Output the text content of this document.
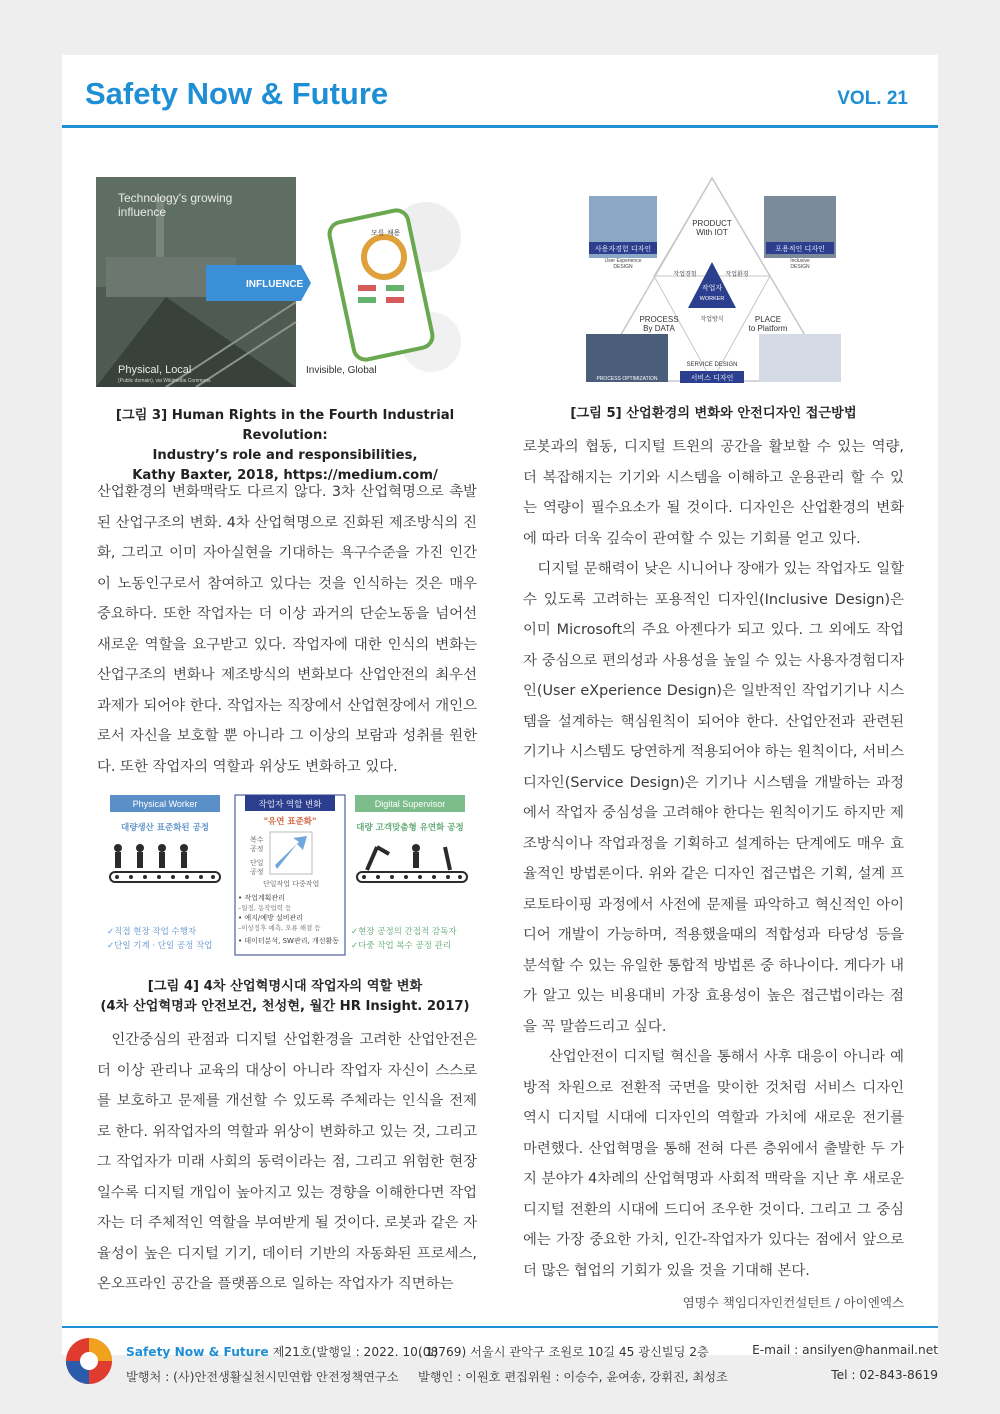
Safety Now & Future	VOL. 21
Technology's growing
influence
INFLUENCE
Physical, Local
(Public domain), via Wikimedia Commons
Invisible, Global
모를 채용
[그림 3] Human Rights in the Fourth Industrial Revolution:
Industry’s role and responsibilities,
Kathy Baxter, 2018, https://medium.com/

산업환경의 변화맥락도 다르지 않다. 3차 산업혁명으로 촉발된 산업구조의 변화. 4차 산업혁명으로 진화된 제조방식의 진화, 그리고 이미 자아실현을 기대하는 욕구수준을 가진 인간이 노동인구로서 참여하고 있다는 것을 인식하는 것은 매우 중요하다. 또한 작업자는 더 이상 과거의 단순노동을 넘어선 새로운 역할을 요구받고 있다. 작업자에 대한 인식의 변화는 산업구조의 변화나 제조방식의 변화보다 산업안전의 최우선과제가 되어야 한다. 작업자는 직장에서 산업현장에서 개인으로서 자신을 보호할 뿐 아니라 그 이상의 보람과 성취를 원한다. 또한 작업자의 역할과 위상도 변화하고 있다.

Physical Worker
대량생산 표준화된 공정
✓직접 현장 작업 수행자
✓단일 기계 · 단일 공정 작업
작업자 역할 변화
"유연 표준화"
복수
공정
단일
공정
단일작업 다중작업
• 작업계획관리
–일정, 동작업력 등
• 예지/예방 설비관리
–이상징후 예측, 오류 해결 등
• 데이터분석, SW관리, 개선활동
Digital Supervisor
대량 고객맞춤형 유연화 공정
✓현장 공정의 간접적 감독자
✓다중 작업 복수 공정 관리
[그림 4] 4차 산업혁명시대 작업자의 역할 변화
(4차 산업혁명과 안전보건, 천성현, 월간 HR Insight. 2017)

인간중심의 관점과 디지털 산업환경을 고려한 산업안전은 더 이상 관리나 교육의 대상이 아니라 작업자 자신이 스스로를 보호하고 문제를 개선할 수 있도록 주체라는 인식을 전제로 한다. 위작업자의 역할과 위상이 변화하고 있는 것, 그리고 그 작업자가 미래 사회의 동력이라는 점, 그리고 위험한 현장일수록 디지털 개입이 높아지고 있는 경향을 이해한다면 작업자는 더 주체적인 역할을 부여받게 될 것이다. 로봇과 같은 자율성이 높은 디지털 기기, 데이터 기반의 자동화된 프로세스, 온오프라인 공간을 플랫폼으로 일하는 작업자가 직면하는

PRODUCT
With IOT
사용자경험 디자인
User Experience
DESIGN
포용적인 디자인
Inclusive
DESIGN
작업경험	작업환경
작업자
WORKER
PROCESS
By DATA
작업방식	PLACE
to Platform
SERVICE DESIGN
서비스 디자인
PROCESS OPTIMIZATION
[그림 5] 산업환경의 변화와 안전디자인 접근방법

로봇과의 협동, 디지털 트윈의 공간을 활보할 수 있는 역량, 더 복잡해지는 기기와 시스템을 이해하고 운용관리 할 수 있는 역량이 필수요소가 될 것이다. 디자인은 산업환경의 변화에 따라 더욱 깊숙이 관여할 수 있는 기회를 얻고 있다.

디지털 문해력이 낮은 시니어나 장애가 있는 작업자도 일할 수 있도록 고려하는 포용적인 디자인(Inclusive Design)은 이미 Microsoft의 주요 아젠다가 되고 있다. 그 외에도 작업자 중심으로 편의성과 사용성을 높일 수 있는 사용자경험디자인(User eXperience Design)은 일반적인 작업기기나 시스템을 설계하는 핵심원칙이 되어야 한다. 산업안전과 관련된 기기나 시스템도 당연하게 적용되어야 하는 원칙이다, 서비스디자인(Service Design)은 기기나 시스템을 개발하는 과정에서 작업자 중심성을 고려해야 한다는 원칙이기도 하지만 제조방식이나 작업과정을 기획하고 설계하는 단계에도 매우 효율적인 방법론이다. 위와 같은 디자인 접근법은 기획, 설계 프로토타이핑 과정에서 사전에 문제를 파악하고 혁신적인 아이디어 개발이 가능하며, 적용했을때의 적합성과 타당성 등을 분석할 수 있는 유일한 통합적 방법론 중 하나이다. 게다가 내가 알고 있는 비용대비 가장 효용성이 높은 접근법이라는 점을 꼭 말씀드리고 싶다.

산업안전이 디지털 혁신을 통해서 사후 대응이 아니라 예방적 차원으로 전환적 국면을 맞이한 것처럼 서비스 디자인 역시 디지털 시대에 디자인의 역할과 가치에 새로운 전기를 마련했다. 산업혁명을 통해 전혀 다른 층위에서 출발한 두 가지 분야가 4차례의 산업혁명과 사회적 맥락을 지난 후 새로운 디지털 전환의 시대에 드디어 조우한 것이다. 그리고 그 중심에는 가장 중요한 가치, 인간-작업자가 있다는 점에서 앞으로 더 많은 협업의 기회가 있을 것을 기대해 본다.

염명수 책임디자인컨설턴트 / 아이엔엑스
Safety Now & Future 제21호(발행일 : 2022. 10. 1)
(08769) 서울시 관악구 조원로 10길 45 광신빌딩 2층	E-mail : ansilyen@hanmail.net
발행처 : (사)안전생활실천시민연합 안전정책연구소 발행인 : 이원호 편집위원 : 이승수, 윤여송, 강휘진, 최성조	Tel : 02-843-8619
